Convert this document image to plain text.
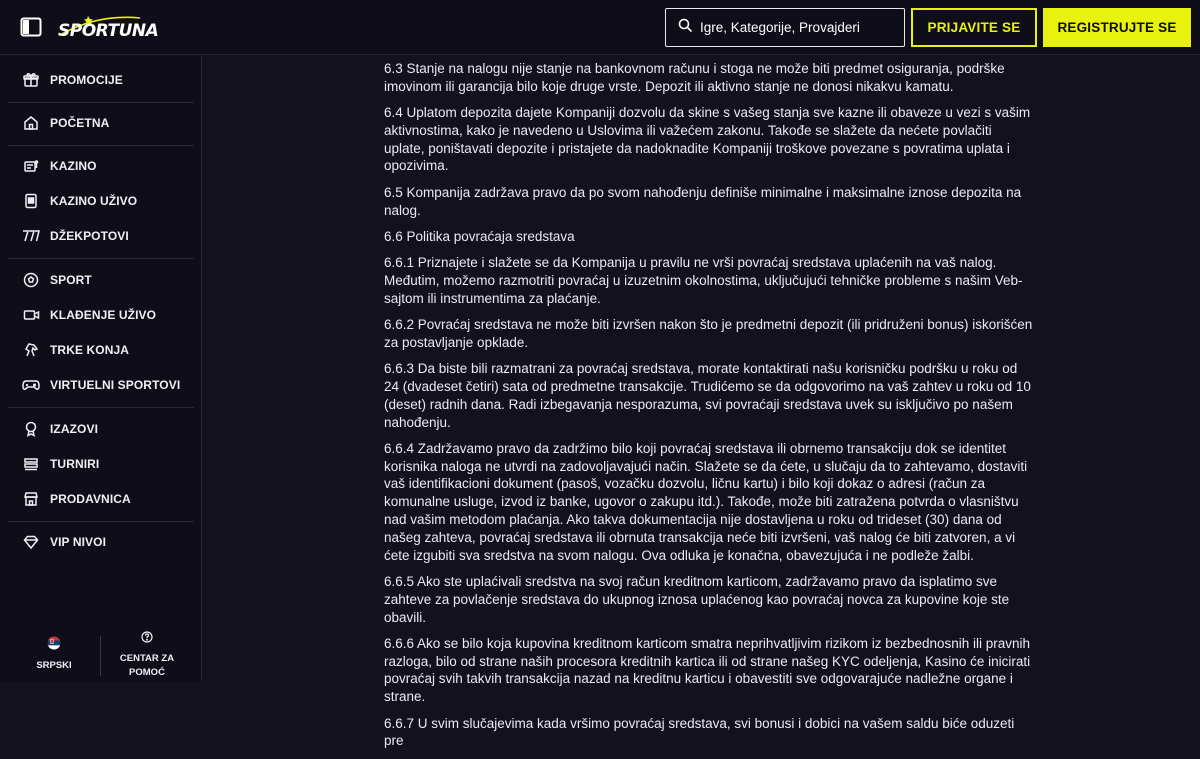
SPORTUNA
Igre, Kategorije, Provajderi	PRIJAVITE SE	REGISTRUJTE SE
PROMOCIJE
POČETNA
KAZINO
KAZINO UŽIVO
DŽEKPOTOVI
SPORT
KLAĐENJE UŽIVO
TRKE KONJA
VIRTUELNI SPORTOVI
IZAZOVI
TURNIRI
PRODAVNICA
VIP NIVOI
SRPSKI
CENTAR ZA
POMOĆ

6.3 Stanje na nalogu nije stanje na bankovnom računu i stoga ne može biti predmet osiguranja, podrške imovinom ili garancija bilo koje druge vrste. Depozit ili aktivno stanje ne donosi nikakvu kamatu.

6.4 Uplatom depozita dajete Kompaniji dozvolu da skine s vašeg stanja sve kazne ili obaveze u vezi s vašim aktivnostima, kako je navedeno u Uslovima ili važećem zakonu. Takođe se slažete da nećete povlačiti uplate, poništavati depozite i pristajete da nadoknadite Kompaniji troškove povezane s povratima uplata i opozivima.

6.5 Kompanija zadržava pravo da po svom nahođenju definiše minimalne i maksimalne iznose depozita na nalog.

6.6 Politika povraćaja sredstava

6.6.1 Priznajete i slažete se da Kompanija u pravilu ne vrši povraćaj sredstava uplaćenih na vaš nalog. Međutim, možemo razmotriti povraćaj u izuzetnim okolnostima, uključujući tehničke probleme s našim Veb-sajtom ili instrumentima za plaćanje.

6.6.2 Povraćaj sredstava ne može biti izvršen nakon što je predmetni depozit (ili pridruženi bonus) iskorišćen za postavljanje opklade.

6.6.3 Da biste bili razmatrani za povraćaj sredstava, morate kontaktirati našu korisničku podršku u roku od 24 (dvadeset četiri) sata od predmetne transakcije. Trudićemo se da odgovorimo na vaš zahtev u roku od 10 (deset) radnih dana. Radi izbegavanja nesporazuma, svi povraćaji sredstava uvek su isključivo po našem nahođenju.

6.6.4 Zadržavamo pravo da zadržimo bilo koji povraćaj sredstava ili obrnemo transakciju dok se identitet korisnika naloga ne utvrdi na zadovoljavajući način. Slažete se da ćete, u slučaju da to zahtevamo, dostaviti vaš identifikacioni dokument (pasoš, vozačku dozvolu, ličnu kartu) i bilo koji dokaz o adresi (račun za komunalne usluge, izvod iz banke, ugovor o zakupu itd.). Takođe, može biti zatražena potvrda o vlasništvu nad vašim metodom plaćanja. Ako takva dokumentacija nije dostavljena u roku od trideset (30) dana od našeg zahteva, povraćaj sredstava ili obrnuta transakcija neće biti izvršeni, vaš nalog će biti zatvoren, a vi ćete izgubiti sva sredstva na svom nalogu. Ova odluka je konačna, obavezujuća i ne podleže žalbi.

6.6.5 Ako ste uplaćivali sredstva na svoj račun kreditnom karticom, zadržavamo pravo da isplatimo sve zahteve za povlačenje sredstava do ukupnog iznosa uplaćenog kao povraćaj novca za kupovine koje ste obavili.

6.6.6 Ako se bilo koja kupovina kreditnom karticom smatra neprihvatljivim rizikom iz bezbednosnih ili pravnih razloga, bilo od strane naših procesora kreditnih kartica ili od strane našeg KYC odeljenja, Kasino će inicirati povraćaj svih takvih transakcija nazad na kreditnu karticu i obavestiti sve odgovarajuće nadležne organe i strane.

6.6.7 U svim slučajevima kada vršimo povraćaj sredstava, svi bonusi i dobici na vašem saldu biće oduzeti pre
